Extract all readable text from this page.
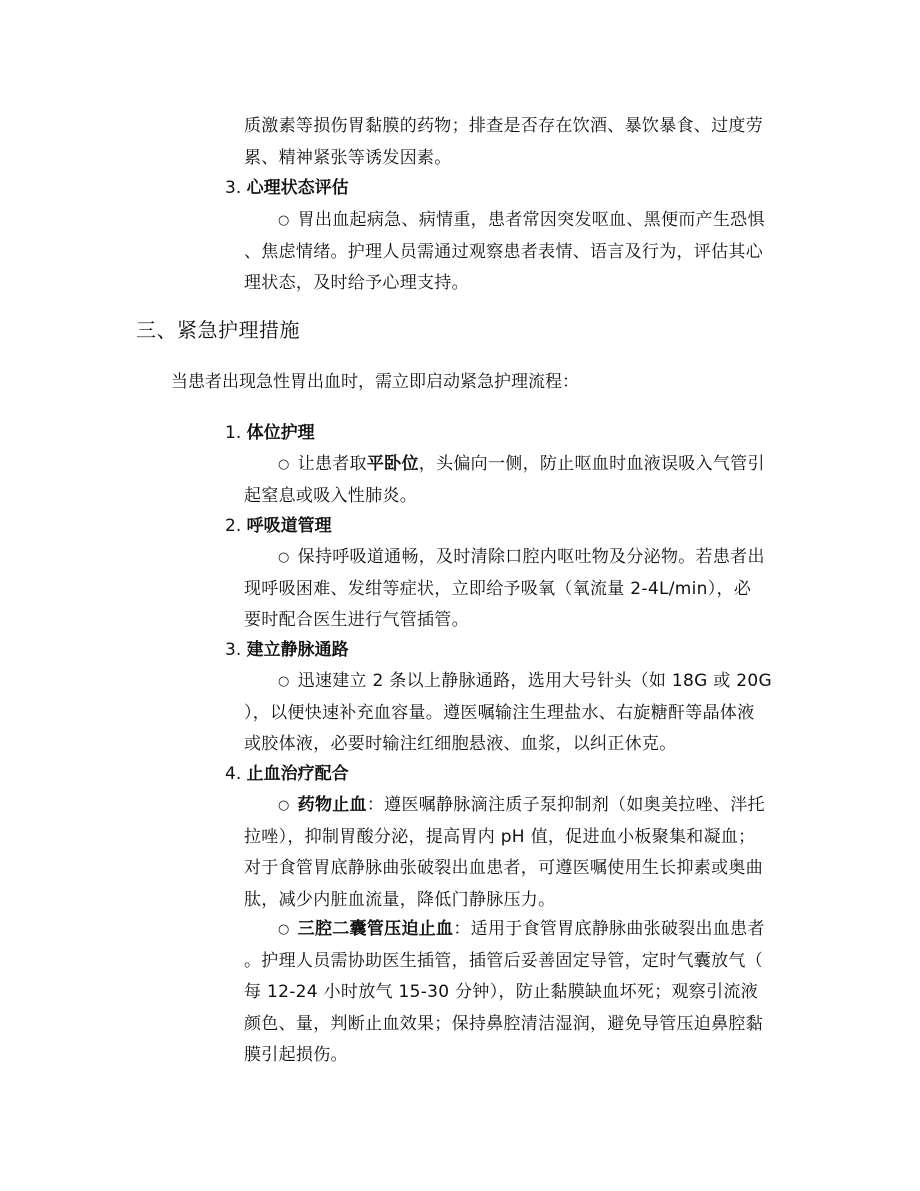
质激素等损伤胃黏膜的药物；排查是否存在饮酒、暴饮暴食、过度劳
累、精神紧张等诱发因素。
3. 心理状态评估
○ 胃出血起病急、病情重，患者常因突发呕血、黑便而产生恐惧
、焦虑情绪。护理人员需通过观察患者表情、语言及行为，评估其心
理状态，及时给予心理支持。
三、紧急护理措施
当患者出现急性胃出血时，需立即启动紧急护理流程：
1. 体位护理
○ 让患者取平卧位，头偏向一侧，防止呕血时血液误吸入气管引
起窒息或吸入性肺炎。
2. 呼吸道管理
○ 保持呼吸道通畅，及时清除口腔内呕吐物及分泌物。若患者出
现呼吸困难、发绀等症状，立即给予吸氧（氧流量 2-4L/min），必
要时配合医生进行气管插管。
3. 建立静脉通路
○ 迅速建立 2 条以上静脉通路，选用大号针头（如 18G 或 20G
），以便快速补充血容量。遵医嘱输注生理盐水、右旋糖酐等晶体液
或胶体液，必要时输注红细胞悬液、血浆，以纠正休克。
4. 止血治疗配合
○ 药物止血：遵医嘱静脉滴注质子泵抑制剂（如奥美拉唑、泮托
拉唑），抑制胃酸分泌，提高胃内 pH 值，促进血小板聚集和凝血；
对于食管胃底静脉曲张破裂出血患者，可遵医嘱使用生长抑素或奥曲
肽，减少内脏血流量，降低门静脉压力。
○ 三腔二囊管压迫止血：适用于食管胃底静脉曲张破裂出血患者
。护理人员需协助医生插管，插管后妥善固定导管，定时气囊放气（
每 12-24 小时放气 15-30 分钟），防止黏膜缺血坏死；观察引流液
颜色、量，判断止血效果；保持鼻腔清洁湿润，避免导管压迫鼻腔黏
膜引起损伤。
